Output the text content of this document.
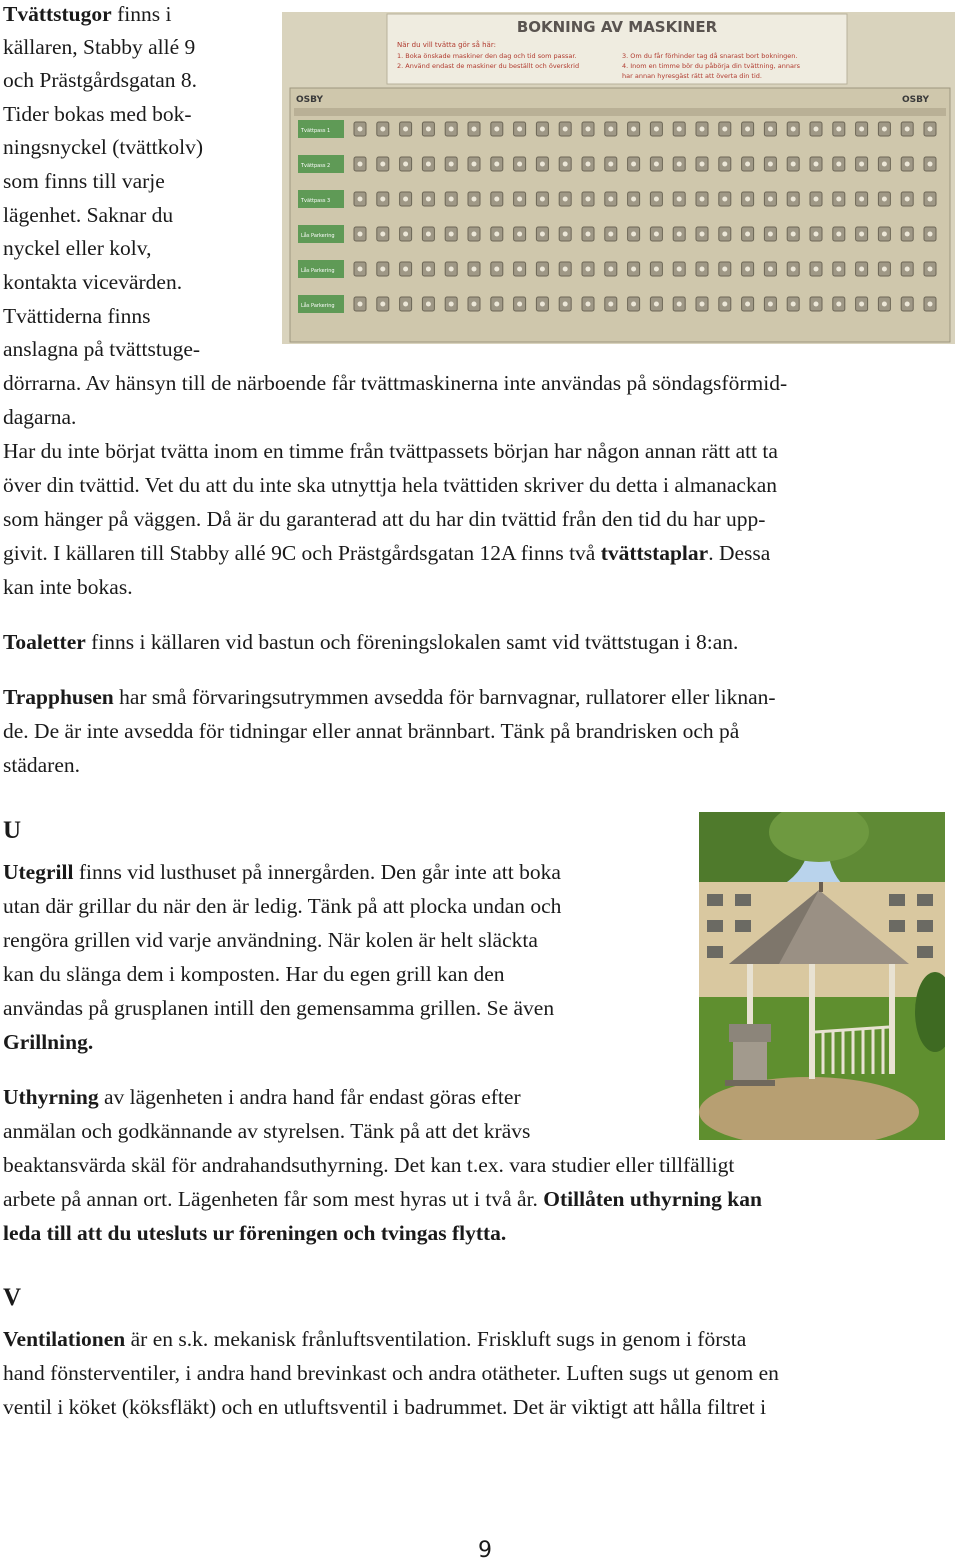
Tvättstugor finns i
källaren, Stabby allé 9
och Prästgårdsgatan 8.
Tider bokas med bok-
ningsnyckel (tvättkolv)
som finns till varje
lägenhet. Saknar du
nyckel eller kolv,
kontakta vicevärden.
Tvättiderna finns
anslagna på tvättstuge-
dörrarna. Av hänsyn till de närboende får tvättmaskinerna inte användas på söndagsförmid-
dagarna.
Har du inte börjat tvätta inom en timme från tvättpassets början har någon annan rätt att ta
över din tvättid. Vet du att du inte ska utnyttja hela tvättiden skriver du detta i almanackan
som hänger på väggen. Då är du garanterad att du har din tvättid från den tid du har upp-
givit. I källaren till Stabby allé 9C och Prästgårdsgatan 12A finns två tvättstaplar. Dessa
kan inte bokas.
Toaletter finns i källaren vid bastun och föreningslokalen samt vid tvättstugan i 8:an.
Trapphusen har små förvaringsutrymmen avsedda för barnvagnar, rullatorer eller liknan-
de. De är inte avsedda för tidningar eller annat brännbart. Tänk på brandrisken och på
städaren.
U
Utegrill finns vid lusthuset på innergården. Den går inte att boka
utan där grillar du när den är ledig. Tänk på att plocka undan och
rengöra grillen vid varje användning. När kolen är helt släckta
kan du slänga dem i komposten. Har du egen grill kan den
användas på grusplanen intill den gemensamma grillen. Se även
Grillning.
Uthyrning av lägenheten i andra hand får endast göras efter
anmälan och godkännande av styrelsen. Tänk på att det krävs
beaktansvärda skäl för andrahandsuthyrning. Det kan t.ex. vara studier eller tillfälligt
arbete på annan ort. Lägenheten får som mest hyras ut i två år. Otillåten uthyrning kan
leda till att du utesluts ur föreningen och tvingas flytta.
V
Ventilationen är en s.k. mekanisk frånluftsventilation. Friskluft sugs in genom i första
hand fönsterventiler, i andra hand brevinkast och andra otätheter. Luften sugs ut genom en
ventil i köket (köksfläkt) och en utluftsventil i badrummet. Det är viktigt att hålla filtret i
BOKNING AV MASKINER
När du vill tvätta gör så här:
1. Boka önskade maskiner den dag och tid som passar.
2. Använd endast de maskiner du beställt och överskrid
3. Om du får förhinder tag då snarast bort bokningen.
4. Inom en timme bör du påbörja din tvättning, annars
har annan hyresgäst rätt att överta din tid.
OSBY	OSBY
Tvättpass 1
Tvättpass 2
Tvättpass 3
Lås Parkering
Lås Parkering
Lås Parkering
9
